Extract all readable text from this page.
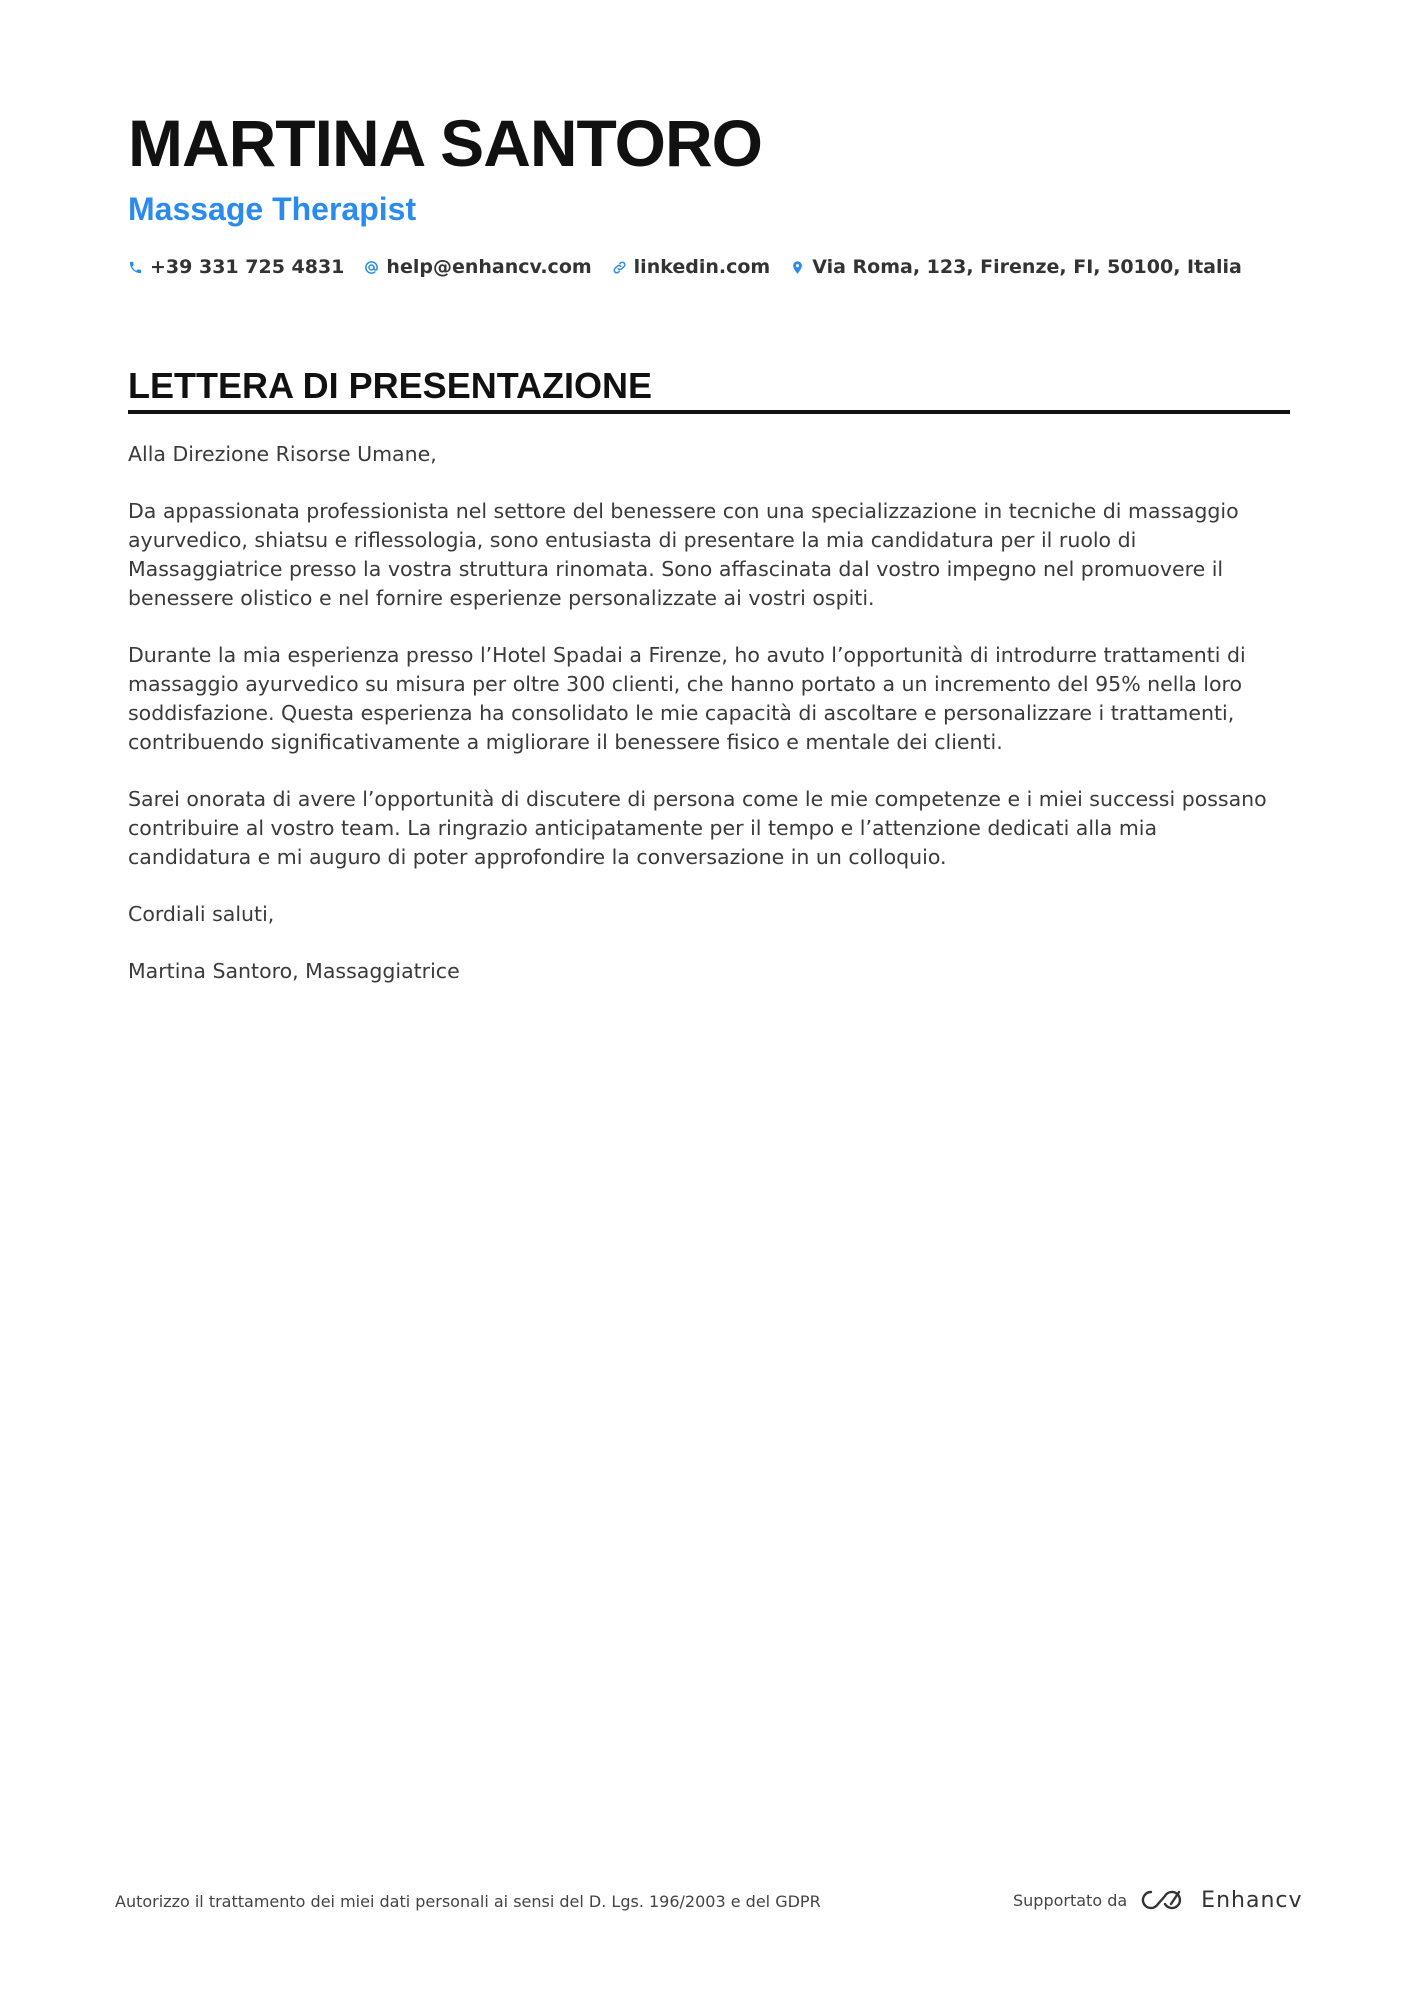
MARTINA SANTORO
Massage Therapist
+39 331 725 4831 help@enhancv.com linkedin.com Via Roma, 123, Firenze, FI, 50100, Italia
LETTERA DI PRESENTAZIONE

Alla Direzione Risorse Umane,

Da appassionata professionista nel settore del benessere con una specializzazione in tecniche di massaggio ayurvedico, shiatsu e riflessologia, sono entusiasta di presentare la mia candidatura per il ruolo di Massaggiatrice presso la vostra struttura rinomata. Sono affascinata dal vostro impegno nel promuovere il benessere olistico e nel fornire esperienze personalizzate ai vostri ospiti.

Durante la mia esperienza presso l’Hotel Spadai a Firenze, ho avuto l’opportunità di introdurre trattamenti di massaggio ayurvedico su misura per oltre 300 clienti, che hanno portato a un incremento del 95% nella loro soddisfazione. Questa esperienza ha consolidato le mie capacità di ascoltare e personalizzare i trattamenti, contribuendo significativamente a migliorare il benessere fisico e mentale dei clienti.

Sarei onorata di avere l’opportunità di discutere di persona come le mie competenze e i miei successi possano contribuire al vostro team. La ringrazio anticipatamente per il tempo e l’attenzione dedicati alla mia candidatura e mi auguro di poter approfondire la conversazione in un colloquio.

Cordiali saluti,

Martina Santoro, Massaggiatrice

Autorizzo il trattamento dei miei dati personali ai sensi del D. Lgs. 196/2003 e del GDPR	Supportato da	Enhancv
